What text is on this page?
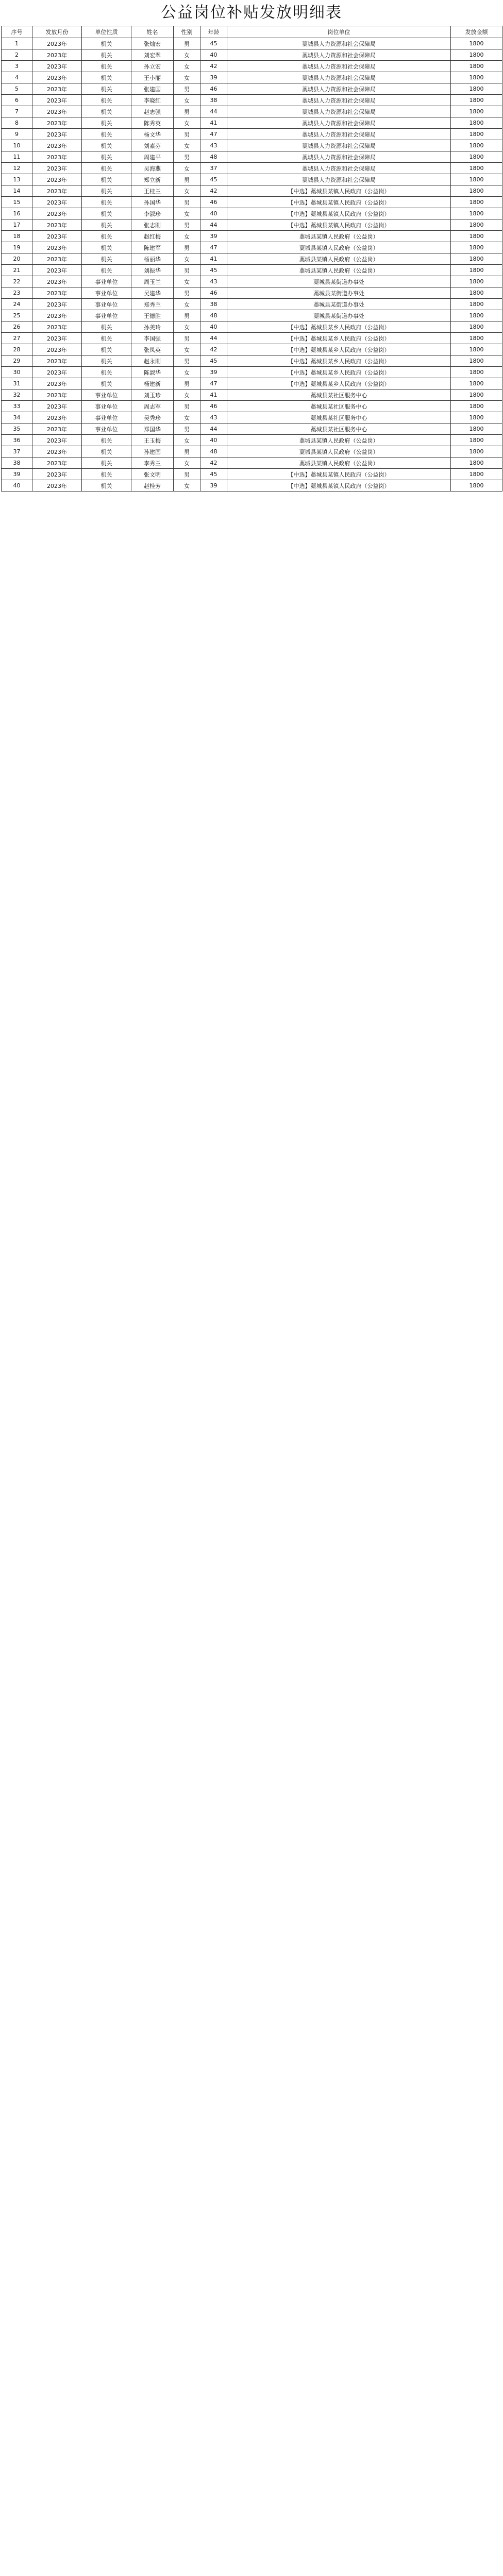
公益岗位补贴发放明细表
序号	发放月份	单位性质	姓名	性别	年龄	岗位单位	发放金额
1	2023年	机关	张灿宏	男	45	藁城县人力资源和社会保障局	1800
2	2023年	机关	刘宏翠	女	40	藁城县人力资源和社会保障局	1800
3	2023年	机关	孙立宏	女	42	藁城县人力资源和社会保障局	1800
4	2023年	机关	王小丽	女	39	藁城县人力资源和社会保障局	1800
5	2023年	机关	张建国	男	46	藁城县人力资源和社会保障局	1800
6	2023年	机关	李晓红	女	38	藁城县人力资源和社会保障局	1800
7	2023年	机关	赵志强	男	44	藁城县人力资源和社会保障局	1800
8	2023年	机关	陈秀英	女	41	藁城县人力资源和社会保障局	1800
9	2023年	机关	杨文华	男	47	藁城县人力资源和社会保障局	1800
10	2023年	机关	刘素芬	女	43	藁城县人力资源和社会保障局	1800
11	2023年	机关	周建平	男	48	藁城县人力资源和社会保障局	1800
12	2023年	机关	吴海燕	女	37	藁城县人力资源和社会保障局	1800
13	2023年	机关	郑立新	男	45	藁城县人力资源和社会保障局	1800
14	2023年	机关	王桂兰	女	42	【中选】藁城县某镇人民政府（公益岗）	1800
15	2023年	机关	孙国华	男	46	【中选】藁城县某镇人民政府（公益岗）	1800
16	2023年	机关	李淑珍	女	40	【中选】藁城县某镇人民政府（公益岗）	1800
17	2023年	机关	张志刚	男	44	【中选】藁城县某镇人民政府（公益岗）	1800
18	2023年	机关	赵红梅	女	39	藁城县某镇人民政府（公益岗）	1800
19	2023年	机关	陈建军	男	47	藁城县某镇人民政府（公益岗）	1800
20	2023年	机关	杨丽华	女	41	藁城县某镇人民政府（公益岗）	1800
21	2023年	机关	刘振华	男	45	藁城县某镇人民政府（公益岗）	1800
22	2023年	事业单位	周玉兰	女	43	藁城县某街道办事处	1800
23	2023年	事业单位	吴建华	男	46	藁城县某街道办事处	1800
24	2023年	事业单位	郑秀兰	女	38	藁城县某街道办事处	1800
25	2023年	事业单位	王德胜	男	48	藁城县某街道办事处	1800
26	2023年	机关	孙美玲	女	40	【中选】藁城县某乡人民政府（公益岗）	1800
27	2023年	机关	李国强	男	44	【中选】藁城县某乡人民政府（公益岗）	1800
28	2023年	机关	张凤英	女	42	【中选】藁城县某乡人民政府（公益岗）	1800
29	2023年	机关	赵永刚	男	45	【中选】藁城县某乡人民政府（公益岗）	1800
30	2023年	机关	陈淑华	女	39	【中选】藁城县某乡人民政府（公益岗）	1800
31	2023年	机关	杨建新	男	47	【中选】藁城县某乡人民政府（公益岗）	1800
32	2023年	事业单位	刘玉珍	女	41	藁城县某社区服务中心	1800
33	2023年	事业单位	周志军	男	46	藁城县某社区服务中心	1800
34	2023年	事业单位	吴秀珍	女	43	藁城县某社区服务中心	1800
35	2023年	事业单位	郑国华	男	44	藁城县某社区服务中心	1800
36	2023年	机关	王玉梅	女	40	藁城县某镇人民政府（公益岗）	1800
37	2023年	机关	孙建国	男	48	藁城县某镇人民政府（公益岗）	1800
38	2023年	机关	李秀兰	女	42	藁城县某镇人民政府（公益岗）	1800
39	2023年	机关	张文明	男	45	【中选】藁城县某镇人民政府（公益岗）	1800
40	2023年	机关	赵桂芳	女	39	【中选】藁城县某镇人民政府（公益岗）	1800
